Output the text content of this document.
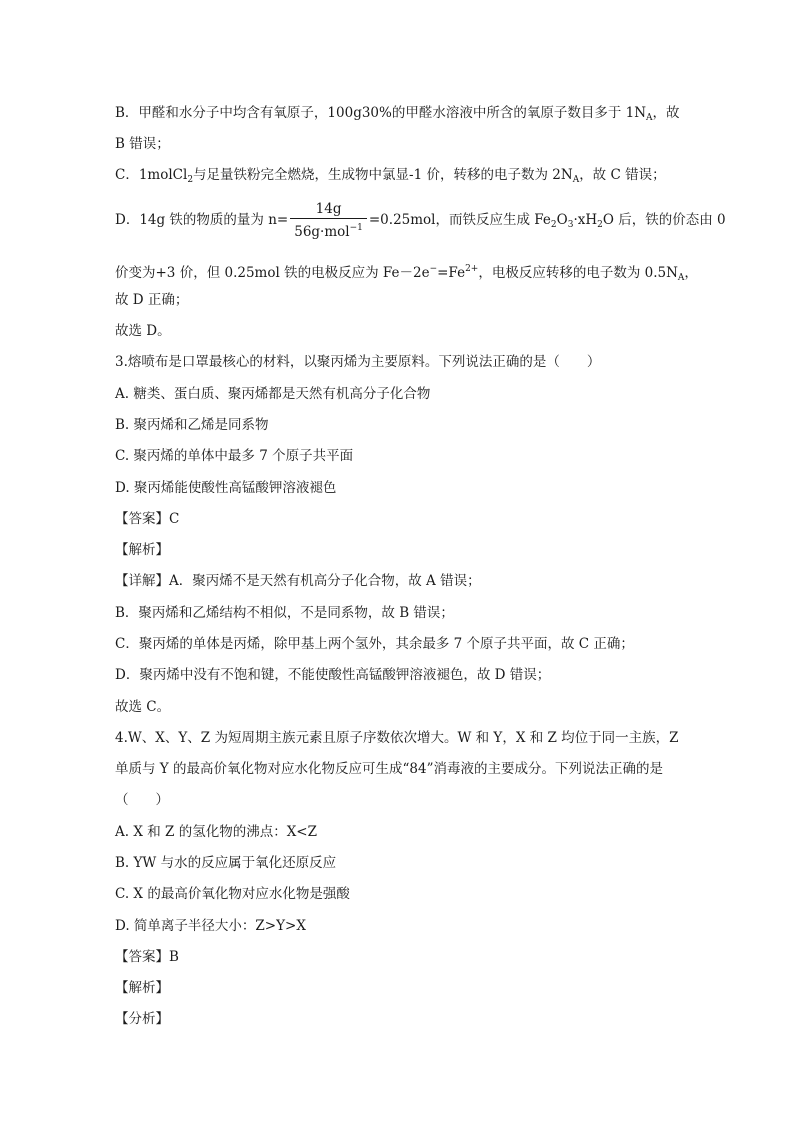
B．甲醛和水分子中均含有氧原子，100g30%的甲醛水溶液中所含的氧原子数目多于 $1N_A$，故
B 错误；
C．1molCl$_2$与足量铁粉完全燃烧，生成物中氯显-1 价，转移的电子数为 $2N_A$，故 C 错误；
D．14g 铁的物质的量为 $n= \frac{14g}{56g\cdot mol^{-1}} =0.25mol$，而铁反应生成 $Fe_2O_3\cdot xH_2O$ 后，铁的价态由 0
价变为+3 价，但 0.25mol 铁的电极反应为 $Fe-2e^-=Fe^{2+}$，电极反应转移的电子数为 $0.5N_A$，
故 D 正确；
故选 D。
3.熔喷布是口罩最核心的材料，以聚丙烯为主要原料。下列说法正确的是（　　）
A. 糖类、蛋白质、聚丙烯都是天然有机高分子化合物
B. 聚丙烯和乙烯是同系物
C. 聚丙烯的单体中最多 7 个原子共平面
D. 聚丙烯能使酸性高锰酸钾溶液褪色
【答案】C
【解析】
【详解】A．聚丙烯不是天然有机高分子化合物，故 A 错误；
B．聚丙烯和乙烯结构不相似，不是同系物，故 B 错误；
C．聚丙烯的单体是丙烯，除甲基上两个氢外，其余最多 7 个原子共平面，故 C 正确；
D．聚丙烯中没有不饱和键，不能使酸性高锰酸钾溶液褪色，故 D 错误；
故选 C。
4.W、X、Y、Z 为短周期主族元素且原子序数依次增大。W 和 Y，X 和 Z 均位于同一主族，Z
单质与 Y 的最高价氧化物对应水化物反应可生成“84”消毒液的主要成分。下列说法正确的是
（　　）
A. X 和 Z 的氢化物的沸点：X<Z
B. YW 与水的反应属于氧化还原反应
C. X 的最高价氧化物对应水化物是强酸
D. 简单离子半径大小：Z>Y>X
【答案】B
【解析】
【分析】
